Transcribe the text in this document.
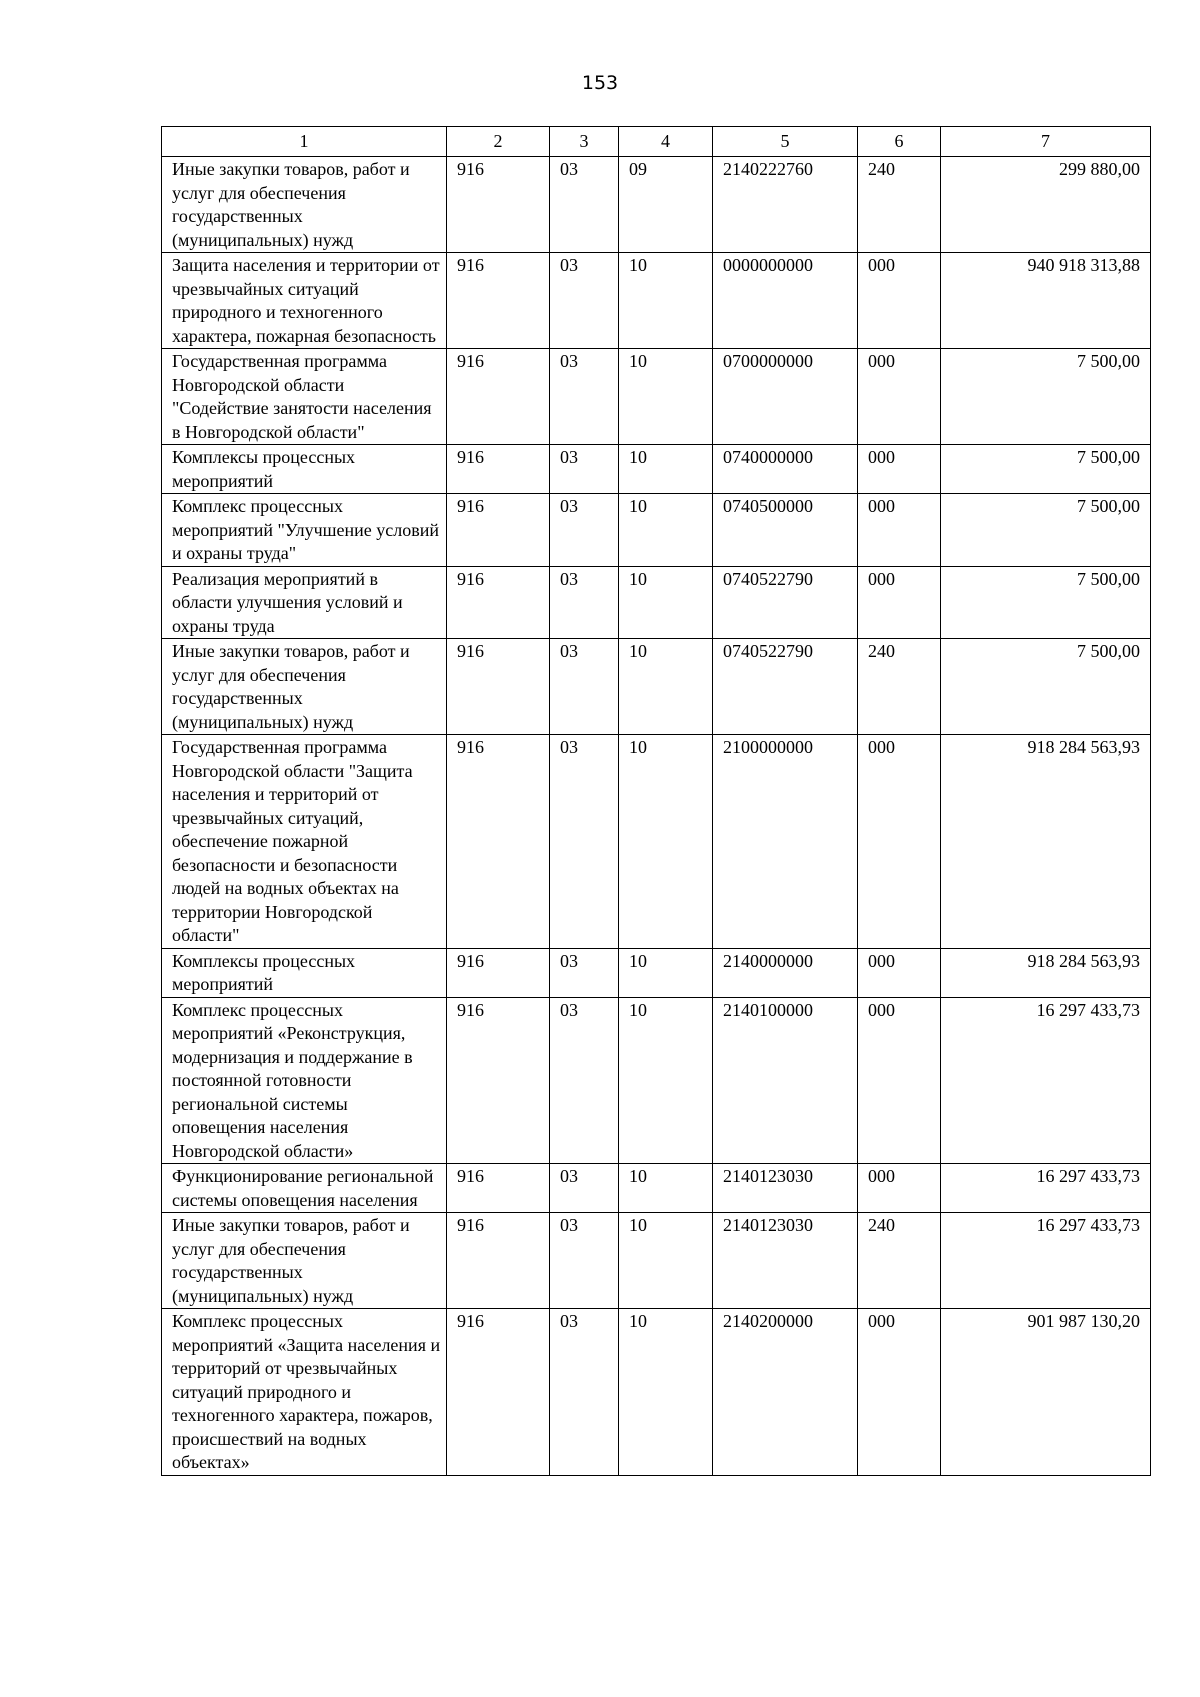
153
1	2	3	4	5	6	7
Иные закупки товаров, работ и услуг для обеспечения государственных (муниципальных) нужд	916	03	09	2140222760	240	299 880,00
Защита населения и территории от чрезвычайных ситуаций природного и техногенного характера, пожарная безопасность	916	03	10	0000000000	000	940 918 313,88
Государственная программа Новгородской области "Содействие занятости населения в Новгородской области"	916	03	10	0700000000	000	7 500,00
Комплексы процессных мероприятий	916	03	10	0740000000	000	7 500,00
Комплекс процессных мероприятий "Улучшение условий и охраны труда"	916	03	10	0740500000	000	7 500,00
Реализация мероприятий в области улучшения условий и охраны труда	916	03	10	0740522790	000	7 500,00
Иные закупки товаров, работ и услуг для обеспечения государственных (муниципальных) нужд	916	03	10	0740522790	240	7 500,00
Государственная программа Новгородской области "Защита населения и территорий от чрезвычайных ситуаций, обеспечение пожарной безопасности и безопасности людей на водных объектах на территории Новгородской области"	916	03	10	2100000000	000	918 284 563,93
Комплексы процессных мероприятий	916	03	10	2140000000	000	918 284 563,93
Комплекс процессных мероприятий «Реконструкция, модернизация и поддержание в постоянной готовности региональной системы оповещения населения Новгородской области»	916	03	10	2140100000	000	16 297 433,73
Функционирование региональной системы оповещения населения	916	03	10	2140123030	000	16 297 433,73
Иные закупки товаров, работ и услуг для обеспечения государственных (муниципальных) нужд	916	03	10	2140123030	240	16 297 433,73
Комплекс процессных мероприятий «Защита населения и территорий от чрезвычайных ситуаций природного и техногенного характера, пожаров, происшествий на водных объектах»	916	03	10	2140200000	000	901 987 130,20
